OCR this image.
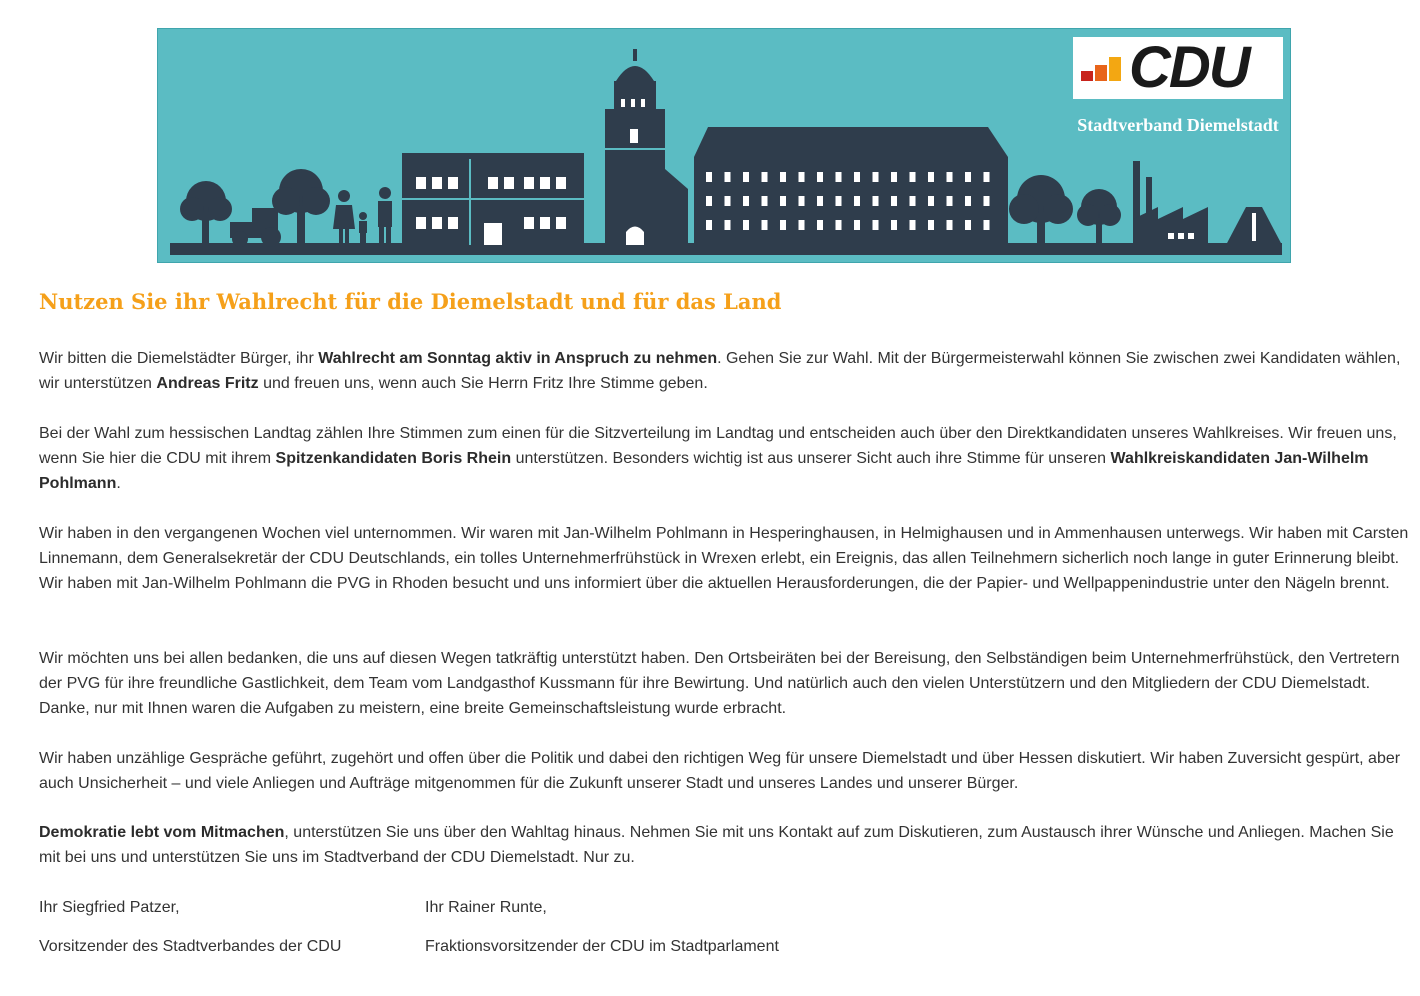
CDU
Stadtverband Diemelstadt
Nutzen Sie ihr Wahlrecht für die Diemelstadt und für das Land

Wir bitten die Diemelstädter Bürger, ihr Wahlrecht am Sonntag aktiv in Anspruch zu nehmen. Gehen Sie zur Wahl. Mit der Bürgermeisterwahl können Sie zwischen zwei Kandidaten wählen, wir unterstützen Andreas Fritz und freuen uns, wenn auch Sie Herrn Fritz Ihre Stimme geben.

Bei der Wahl zum hessischen Landtag zählen Ihre Stimmen zum einen für die Sitzverteilung im Landtag und entscheiden auch über den Direktkandidaten unseres Wahlkreises. Wir freuen uns, wenn Sie hier die CDU mit ihrem Spitzenkandidaten Boris Rhein unterstützen. Besonders wichtig ist aus unserer Sicht auch ihre Stimme für unseren Wahlkreiskandidaten Jan-Wilhelm Pohlmann.

Wir haben in den vergangenen Wochen viel unternommen. Wir waren mit Jan-Wilhelm Pohlmann in Hesperinghausen, in Helmighausen und in Ammenhausen unterwegs. Wir haben mit Carsten Linnemann, dem Generalsekretär der CDU Deutschlands, ein tolles Unternehmerfrühstück in Wrexen erlebt, ein Ereignis, das allen Teilnehmern sicherlich noch lange in guter Erinnerung bleibt. Wir haben mit Jan-Wilhelm Pohlmann die PVG in Rhoden besucht und uns informiert über die aktuellen Herausforderungen, die der Papier- und Wellpappenindustrie unter den Nägeln brennt.

Wir möchten uns bei allen bedanken, die uns auf diesen Wegen tatkräftig unterstützt haben. Den Ortsbeiräten bei der Bereisung, den Selbständigen beim Unternehmerfrühstück, den Vertretern der PVG für ihre freundliche Gastlichkeit, dem Team vom Landgasthof Kussmann für ihre Bewirtung. Und natürlich auch den vielen Unterstützern und den Mitgliedern der CDU Diemelstadt. Danke, nur mit Ihnen waren die Aufgaben zu meistern, eine breite Gemeinschaftsleistung wurde erbracht.

Wir haben unzählige Gespräche geführt, zugehört und offen über die Politik und dabei den richtigen Weg für unsere Diemelstadt und über Hessen diskutiert. Wir haben Zuversicht gespürt, aber auch Unsicherheit – und viele Anliegen und Aufträge mitgenommen für die Zukunft unserer Stadt und unseres Landes und unserer Bürger.

Demokratie lebt vom Mitmachen, unterstützen Sie uns über den Wahltag hinaus. Nehmen Sie mit uns Kontakt auf zum Diskutieren, zum Austausch ihrer Wünsche und Anliegen. Machen Sie mit bei uns und unterstützen Sie uns im Stadtverband der CDU Diemelstadt. Nur zu.

Ihr Siegfried Patzer,	Ihr Rainer Runte,
Vorsitzender des Stadtverbandes der CDU	Fraktionsvorsitzender der CDU im Stadtparlament
